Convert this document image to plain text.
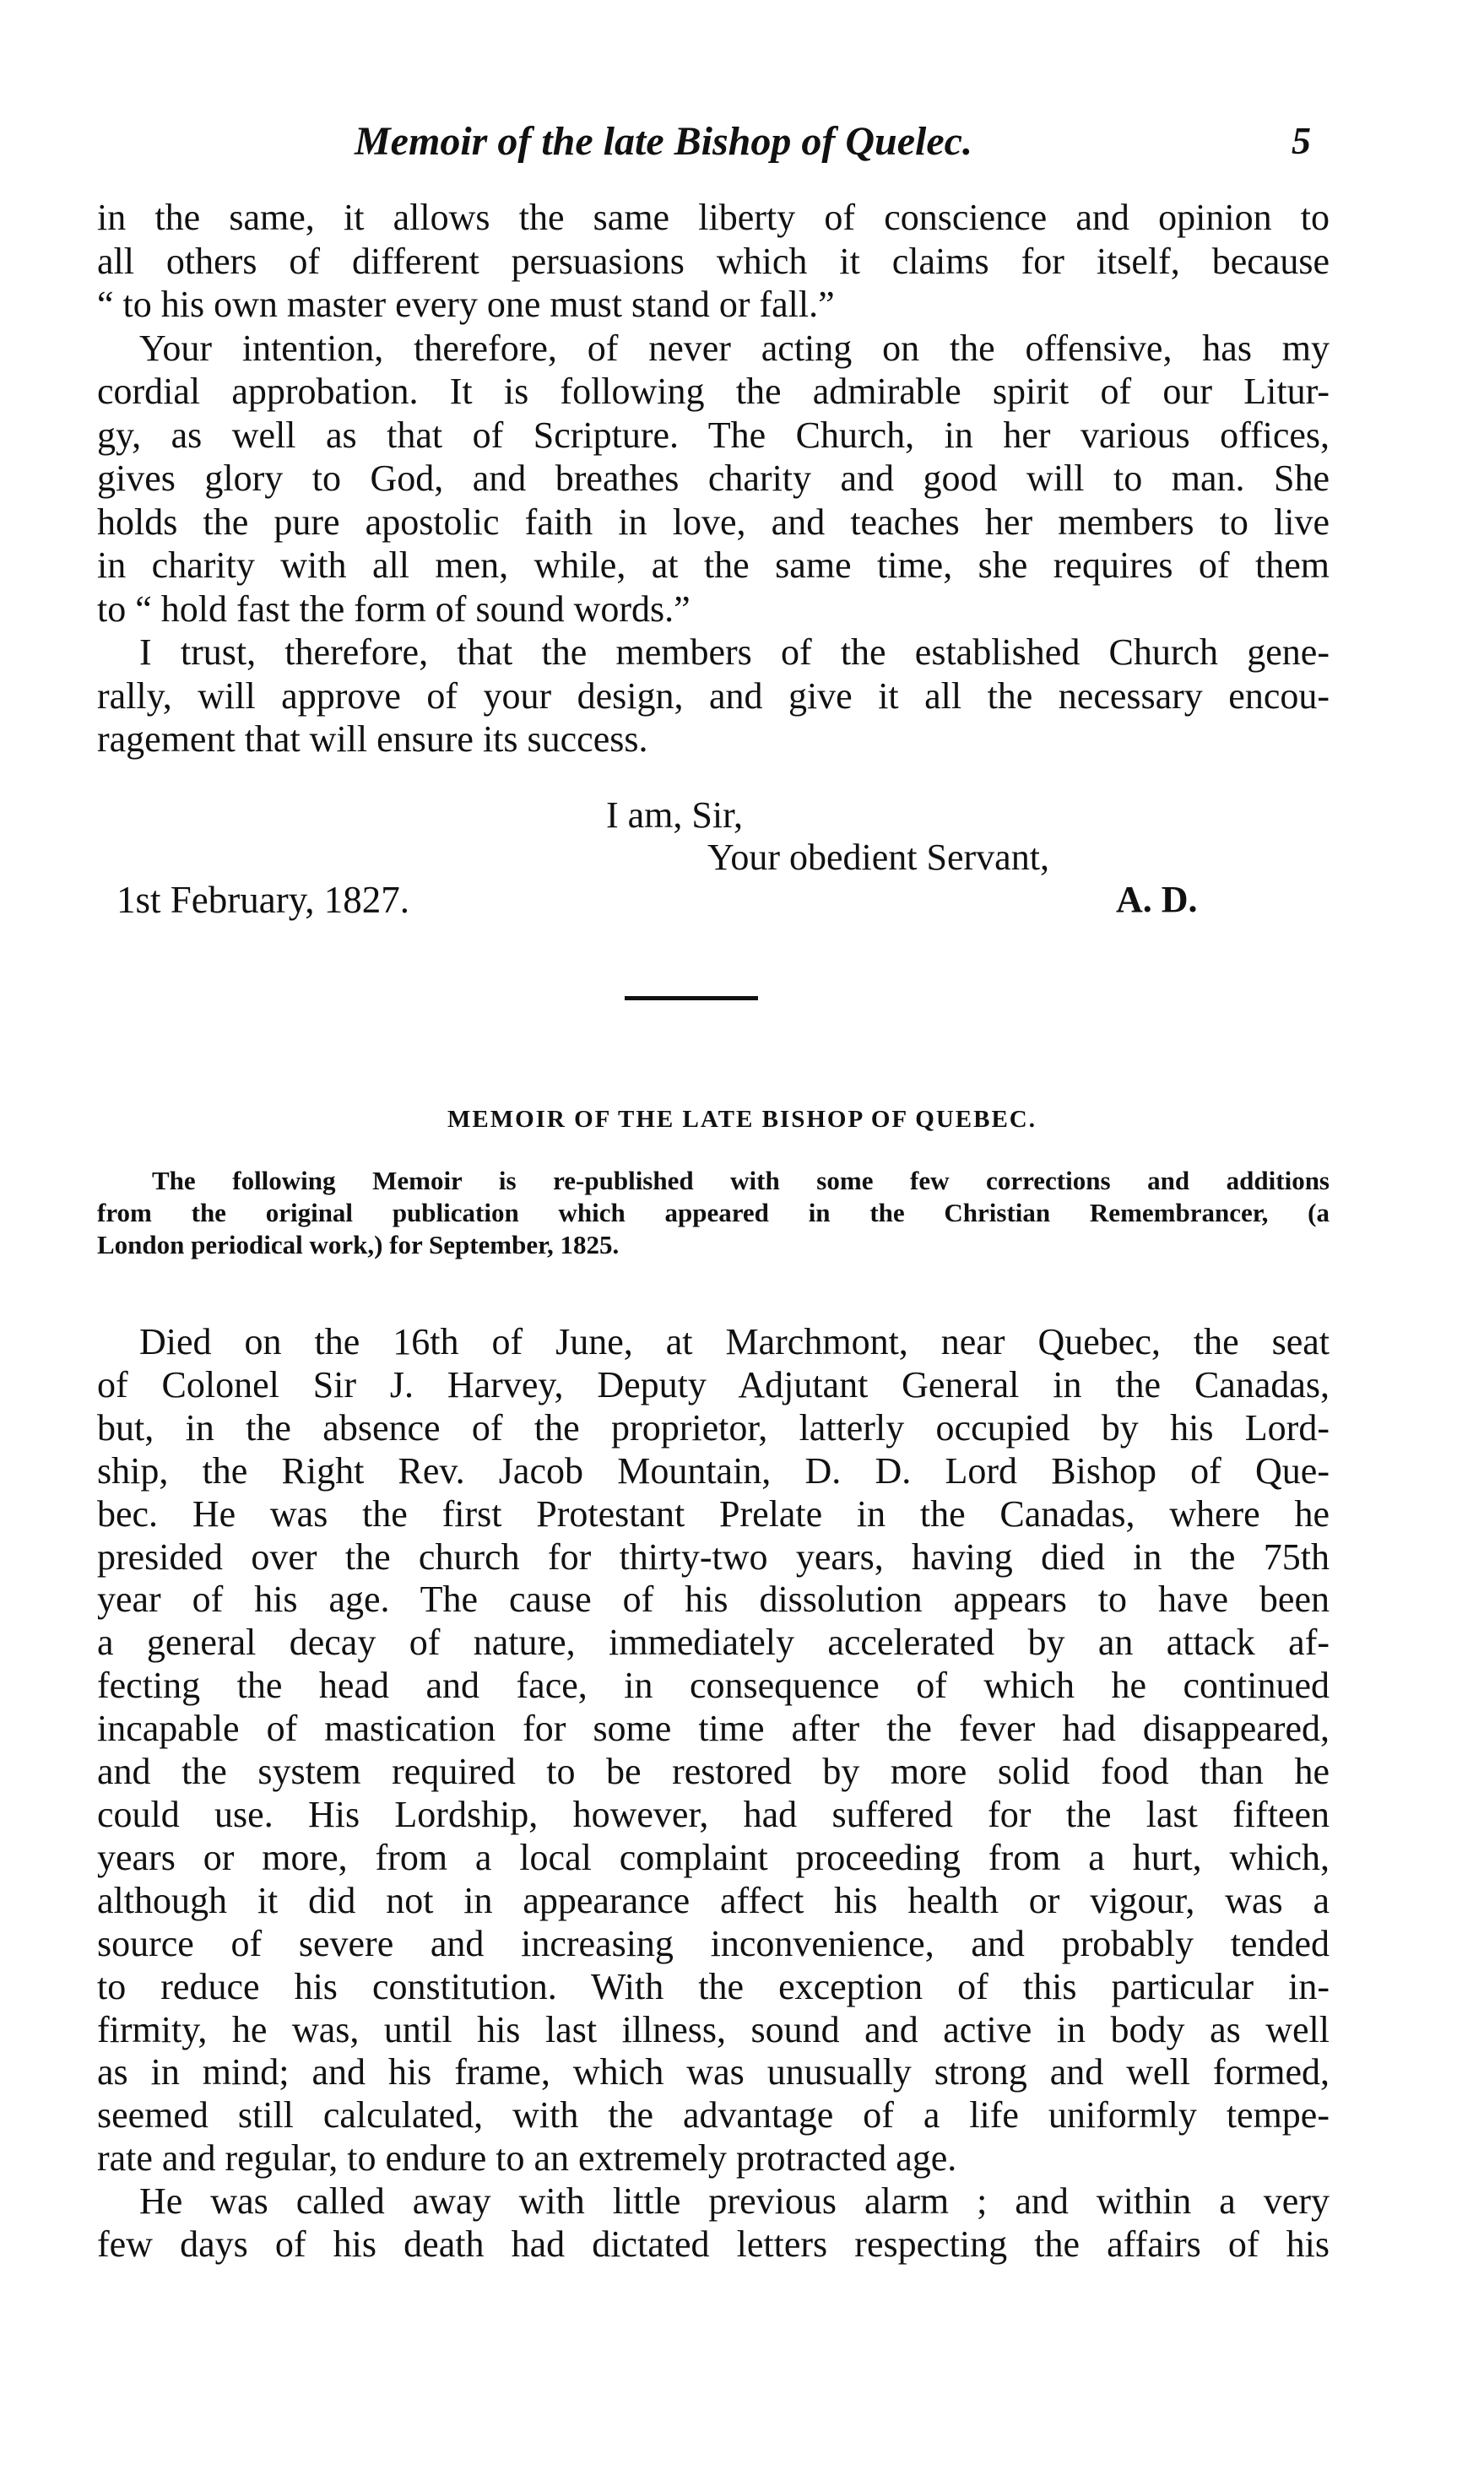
Memoir of the late Bishop of Quelec.	5
in the same, it allows the same liberty of conscience and opinion to
all others of different persuasions which it claims for itself, because
“ to his own master every one must stand or fall.”
Your intention, therefore, of never acting on the offensive, has my
cordial approbation. It is following the admirable spirit of our Litur-
gy, as well as that of Scripture. The Church, in her various offices,
gives glory to God, and breathes charity and good will to man. She
holds the pure apostolic faith in love, and teaches her members to live
in charity with all men, while, at the same time, she requires of them
to “ hold fast the form of sound words.”
I trust, therefore, that the members of the established Church gene-
rally, will approve of your design, and give it all the necessary encou-
ragement that will ensure its success.
I am, Sir,
Your obedient Servant,
1st February, 1827.	A. D.
MEMOIR OF THE LATE BISHOP OF QUEBEC.
The following Memoir is re-published with some few corrections and additions
from the original publication which appeared in the Christian Remembrancer, (a
London periodical work,) for September, 1825.
Died on the 16th of June, at Marchmont, near Quebec, the seat
of Colonel Sir J. Harvey, Deputy Adjutant General in the Canadas,
but, in the absence of the proprietor, latterly occupied by his Lord-
ship, the Right Rev. Jacob Mountain, D. D. Lord Bishop of Que-
bec. He was the first Protestant Prelate in the Canadas, where he
presided over the church for thirty-two years, having died in the 75th
year of his age. The cause of his dissolution appears to have been
a general decay of nature, immediately accelerated by an attack af-
fecting the head and face, in consequence of which he continued
incapable of mastication for some time after the fever had disappeared,
and the system required to be restored by more solid food than he
could use. His Lordship, however, had suffered for the last fifteen
years or more, from a local complaint proceeding from a hurt, which,
although it did not in appearance affect his health or vigour, was a
source of severe and increasing inconvenience, and probably tended
to reduce his constitution. With the exception of this particular in-
firmity, he was, until his last illness, sound and active in body as well
as in mind; and his frame, which was unusually strong and well formed,
seemed still calculated, with the advantage of a life uniformly tempe-
rate and regular, to endure to an extremely protracted age.
He was called away with little previous alarm ; and within a very
few days of his death had dictated letters respecting the affairs of his
